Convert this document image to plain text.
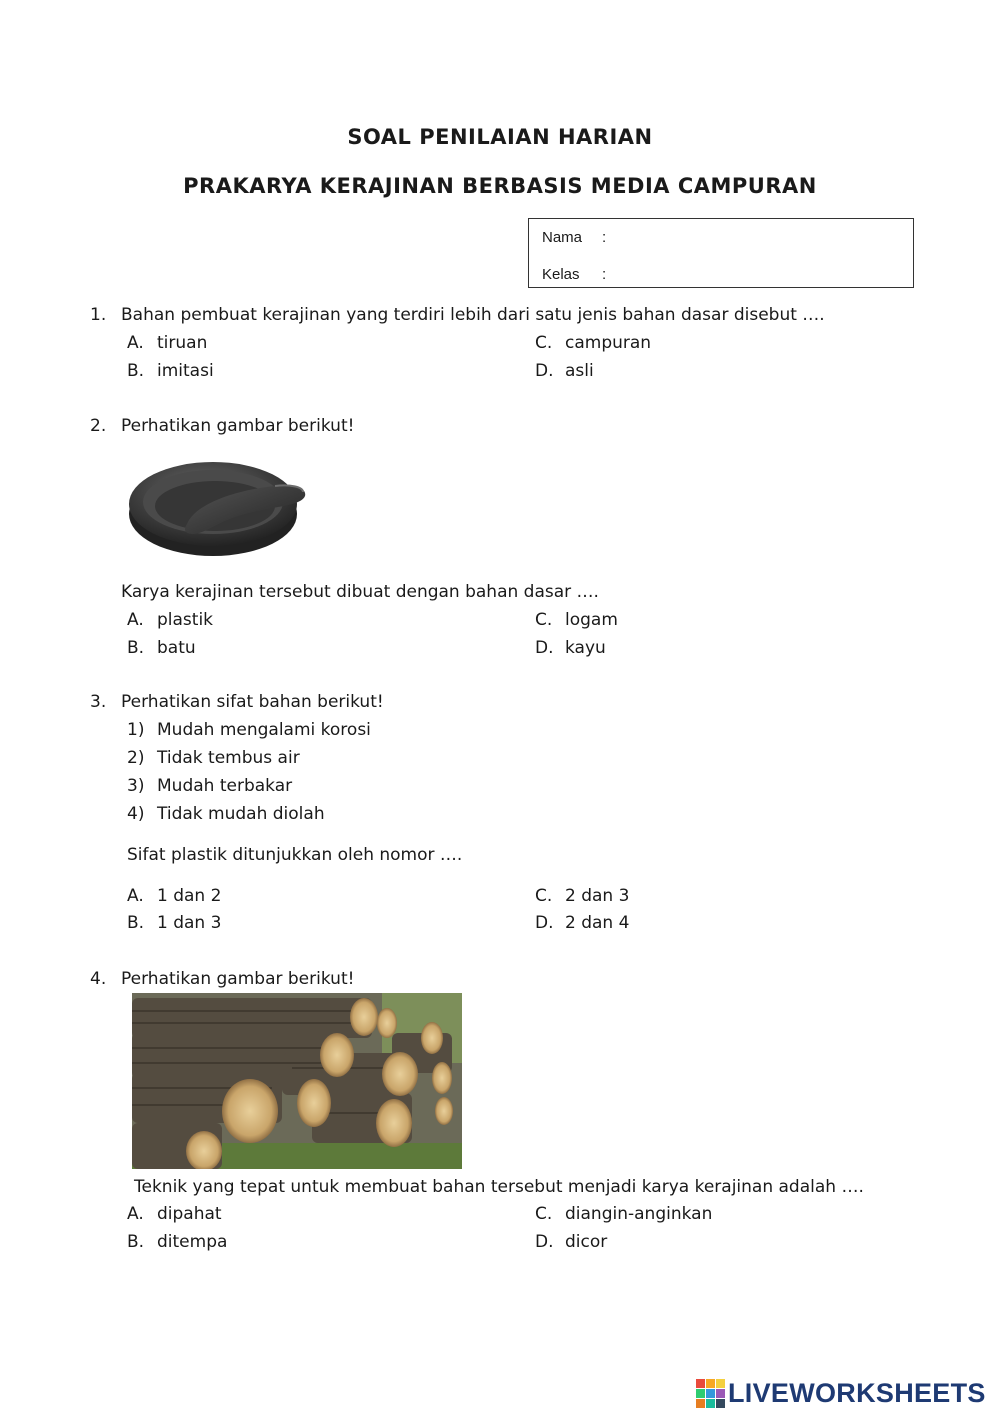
SOAL PENILAIAN HARIAN
PRAKARYA KERAJINAN BERBASIS MEDIA CAMPURAN
Nama :
Kelas :
1. Bahan pembuat kerajinan yang terdiri lebih dari satu jenis bahan dasar disebut ….
A. tiruan
B. imitasi
C. campuran
D. asli
2. Perhatikan gambar berikut!
Karya kerajinan tersebut dibuat dengan bahan dasar ….
A. plastik
B. batu
C. logam
D. kayu
3. Perhatikan sifat bahan berikut!
1) Mudah mengalami korosi
2) Tidak tembus air
3) Mudah terbakar
4) Tidak mudah diolah
Sifat plastik ditunjukkan oleh nomor ….
A. 1 dan 2
B. 1 dan 3
C. 2 dan 3
D. 2 dan 4
4. Perhatikan gambar berikut!
Teknik yang tepat untuk membuat bahan tersebut menjadi karya kerajinan adalah ….
A. dipahat
B. ditempa
C. diangin-anginkan
D. dicor
LIVEWORKSHEETS
